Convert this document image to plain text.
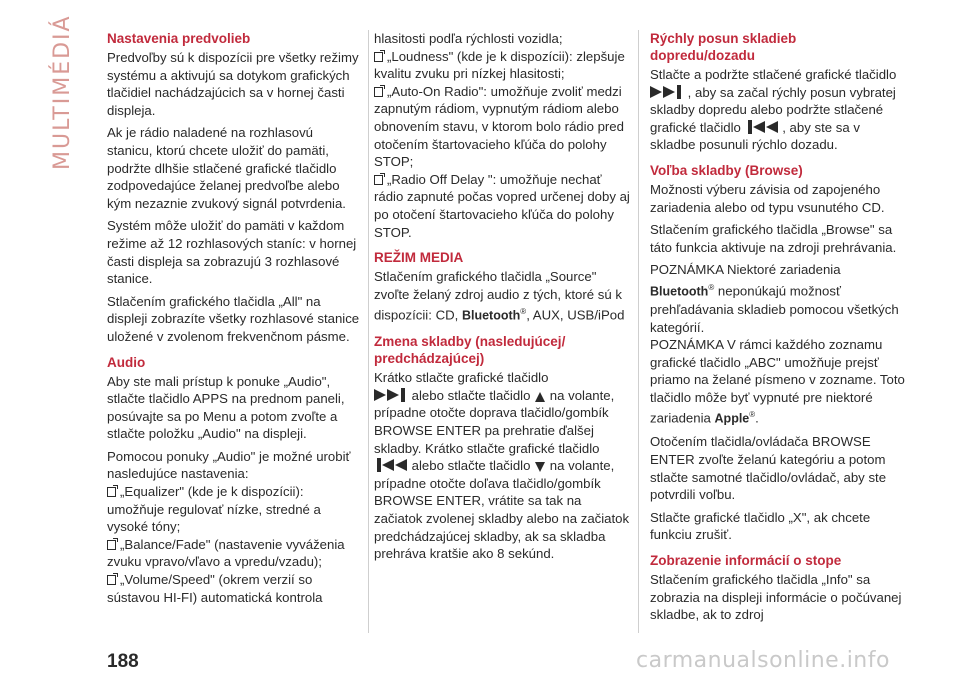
MULTIMÉDIÁ Nastavenia predvolieb
Predvoľby sú k dispozícii pre všetky režimy systému a aktivujú sa dotykom grafických tlačidiel nachádzajúcich sa v hornej časti displeja.
Ak je rádio naladené na rozhlasovú stanicu, ktorú chcete uložiť do pamäti, podržte dlhšie stlačené grafické tlačidlo zodpovedajúce želanej predvoľbe alebo kým nezaznie zvukový signál potvrdenia.
Systém môže uložiť do pamäti v každom režime až 12 rozhlasových staníc: v hornej časti displeja sa zobrazujú 3 rozhlasové stanice.
Stlačením grafického tlačidla „All" na displeji zobrazíte všetky rozhlasové stanice uložené v zvolenom frekvenčnom pásme.
Audio
Aby ste mali prístup k ponuke „Audio", stlačte tlačidlo APPS na prednom paneli, posúvajte sa po Menu a potom zvoľte a stlačte položku „Audio" na displeji.
Pomocou ponuky „Audio" je možné urobiť nasledujúce nastavenia:
„Equalizer" (kde je k dispozícii): umožňuje regulovať nízke, stredné a vysoké tóny;
„Balance/Fade" (nastavenie vyváženia zvuku vpravo/vľavo a vpredu/vzadu);
„Volume/Speed" (okrem verzií so sústavou HI-FI) automatická kontrola
hlasitosti podľa rýchlosti vozidla;
„Loudness" (kde je k dispozícii): zlepšuje kvalitu zvuku pri nízkej hlasitosti;
„Auto-On Radio": umožňuje zvoliť medzi zapnutým rádiom, vypnutým rádiom alebo obnovením stavu, v ktorom bolo rádio pred otočením štartovacieho kľúča do polohy STOP;
„Radio Off Delay ": umožňuje nechať rádio zapnuté počas vopred určenej doby aj po otočení štartovacieho kľúča do polohy STOP.
REŽIM MEDIA
Stlačením grafického tlačidla „Source" zvoľte želaný zdroj audio z tých, ktoré sú k dispozícii: CD, Bluetooth®, AUX, USB/iPod
Zmena skladby (nasledujúcej/ predchádzajúcej)
Krátko stlačte grafické tlačidlo
alebo stlačte tlačidlo na volante, prípadne otočte doprava tlačidlo/gombík BROWSE ENTER pa prehratie ďalšej skladby. Krátko stlačte grafické tlačidlo  alebo stlačte tlačidlo na volante, prípadne otočte doľava tlačidlo/gombík BROWSE ENTER, vrátite sa tak na začiatok zvolenej skladby alebo na začiatok predchádzajúcej skladby, ak sa skladba prehráva kratšie ako 8 sekúnd.
Rýchly posun skladieb dopredu/dozadu
Stlačte a podržte stlačené grafické tlačidlo  , aby sa začal rýchly posun vybratej skladby dopredu alebo podržte stlačené grafické tlačidlo	, aby ste sa v skladbe posunuli rýchlo dozadu.
Voľba skladby (Browse)
Možnosti výberu závisia od zapojeného zariadenia alebo od typu vsunutého CD.
Stlačením grafického tlačidla „Browse" sa táto funkcia aktivuje na zdroji prehrávania.
POZNÁMKA Niektoré zariadenia
Bluetooth® neponúkajú možnosť prehľadávania skladieb pomocou všetkých kategórií.
POZNÁMKA V rámci každého zoznamu grafické tlačidlo „ABC" umožňuje prejsť priamo na želané písmeno v zozname. Toto tlačidlo môže byť vypnuté pre niektoré zariadenia Apple®.
Otočením tlačidla/ovládača BROWSE ENTER zvoľte želanú kategóriu a potom stlačte samotné tlačidlo/ovládač, aby ste potvrdili voľbu.
Stlačte grafické tlačidlo „X", ak chcete funkciu zrušiť.
Zobrazenie informácií o stope
Stlačením grafického tlačidla „Info" sa zobrazia na displeji informácie o počúvanej skladbe, ak to zdroj
188	carmanualsonline.info
